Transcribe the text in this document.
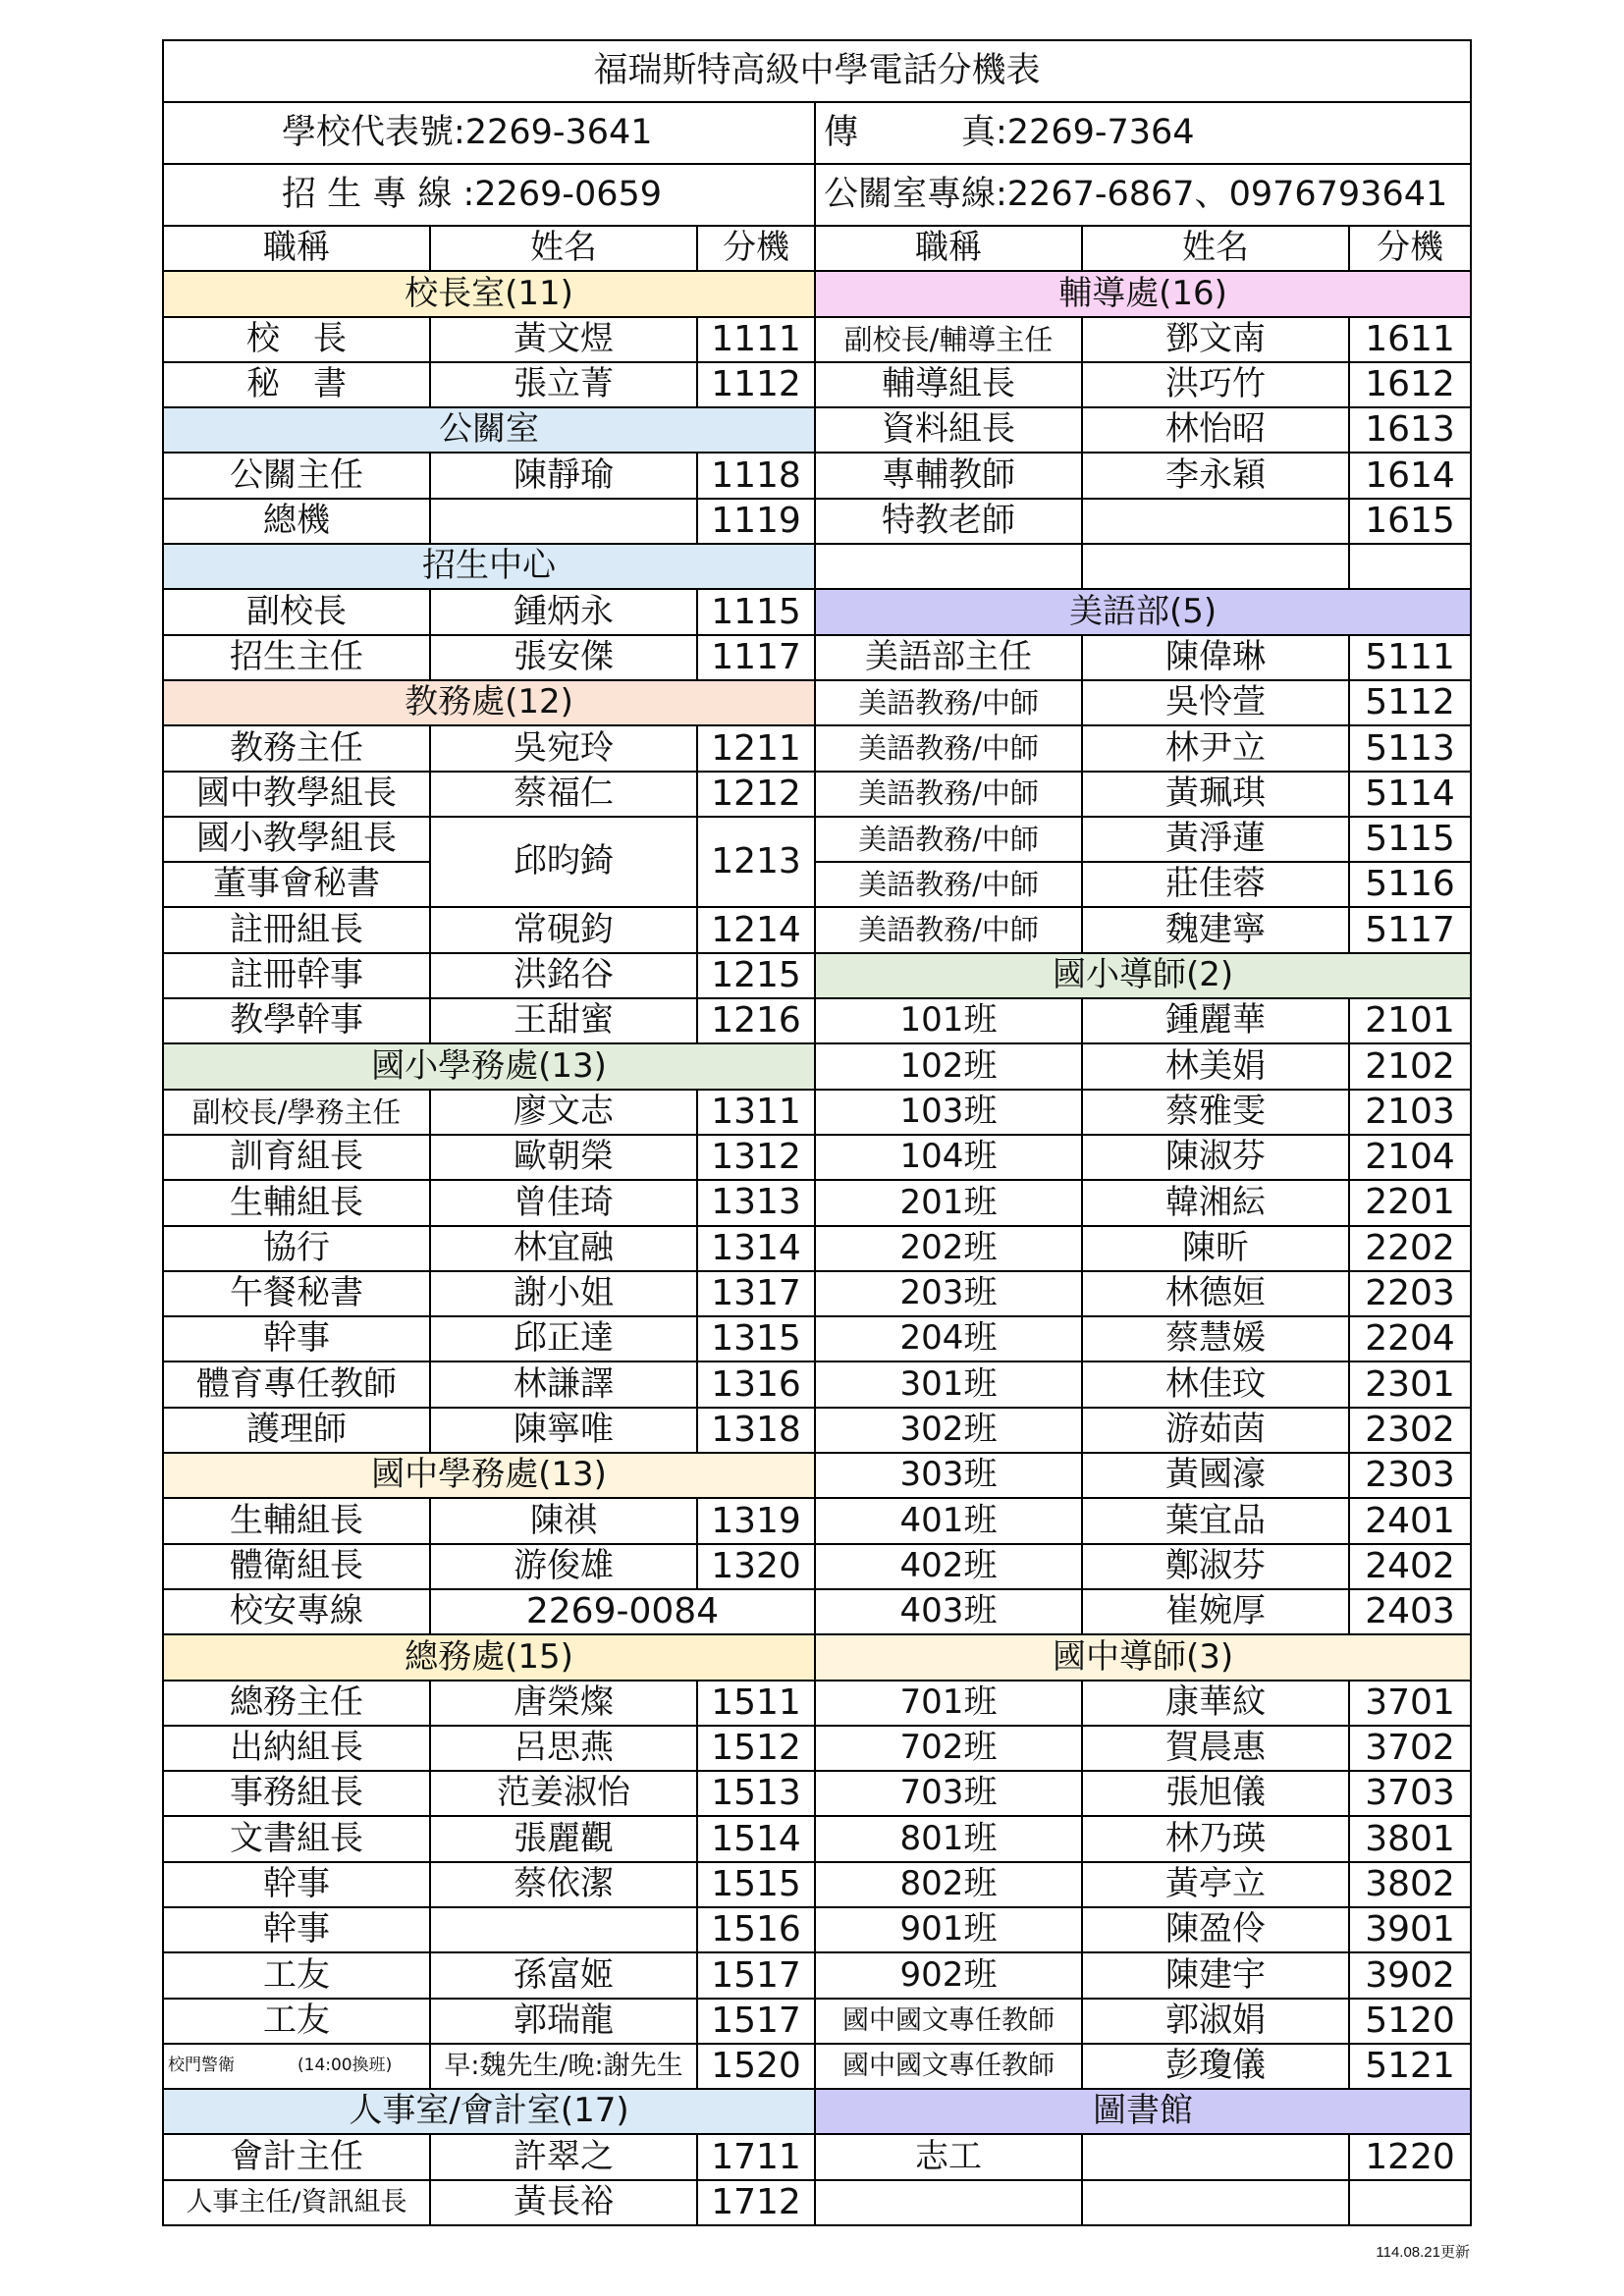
福瑞斯特高級中學電話分機表					
學校代表號:2269-3641			傳　　　真:2269-7364		
招 生 專 線 :2269-0659			公關室專線:2267-6867、0976793641		
職稱	姓名	分機	職稱	姓名	分機
校長室(11)			輔導處(16)		
校　長	黃文煜	1111	副校長/輔導主任	鄧文南	1611
秘　書	張立菁	1112	輔導組長	洪巧竹	1612
公關室			資料組長	林怡昭	1613
公關主任	陳靜瑜	1118	專輔教師	李永穎	1614
總機		1119	特教老師		1615
招生中心					
副校長	鍾炳永	1115	美語部(5)		
招生主任	張安傑	1117	美語部主任	陳偉琳	5111
教務處(12)			美語教務/中師	吳怜萱	5112
教務主任	吳宛玲	1211	美語教務/中師	林尹立	5113
國中教學組長	蔡福仁	1212	美語教務/中師	黃珮琪	5114
國小教學組長	邱昀錡	1213	美語教務/中師	黃淨蓮	5115
董事會秘書			美語教務/中師	莊佳蓉	5116
註冊組長	常硯鈞	1214	美語教務/中師	魏建寧	5117
註冊幹事	洪銘谷	1215	國小導師(2)		
教學幹事	王甜蜜	1216	101班	鍾麗華	2101
國小學務處(13)			102班	林美娟	2102
副校長/學務主任	廖文志	1311	103班	蔡雅雯	2103
訓育組長	歐朝榮	1312	104班	陳淑芬	2104
生輔組長	曾佳琦	1313	201班	韓湘紜	2201
協行	林宜融	1314	202班	陳昕	2202
午餐秘書	謝小姐	1317	203班	林德姮	2203
幹事	邱正達	1315	204班	蔡慧媛	2204
體育專任教師	林謙譯	1316	301班	林佳玟	2301
護理師	陳寧唯	1318	302班	游茹茵	2302
國中學務處(13)			303班	黃國濠	2303
生輔組長	陳祺	1319	401班	葉宜品	2401
體衛組長	游俊雄	1320	402班	鄭淑芬	2402
校安專線	2269-0084		403班	崔婉厚	2403
總務處(15)			國中導師(3)		
總務主任	唐榮燦	1511	701班	康華紋	3701
出納組長	呂思燕	1512	702班	賀晨惠	3702
事務組長	范姜淑怡	1513	703班	張旭儀	3703
文書組長	張麗觀	1514	801班	林乃瑛	3801
幹事	蔡依潔	1515	802班	黃亭立	3802
幹事		1516	901班	陳盈伶	3901
工友	孫富姬	1517	902班	陳建宇	3902
工友	郭瑞龍	1517	國中國文專任教師	郭淑娟	5120
校門警衛 (14:00換班)	早:魏先生/晚:謝先生	1520	國中國文專任教師	彭瓊儀	5121
人事室/會計室(17)			圖書館		
會計主任	許翠之	1711	志工		1220
人事主任/資訊組長	黃長裕	1712			
114.08.21更新
